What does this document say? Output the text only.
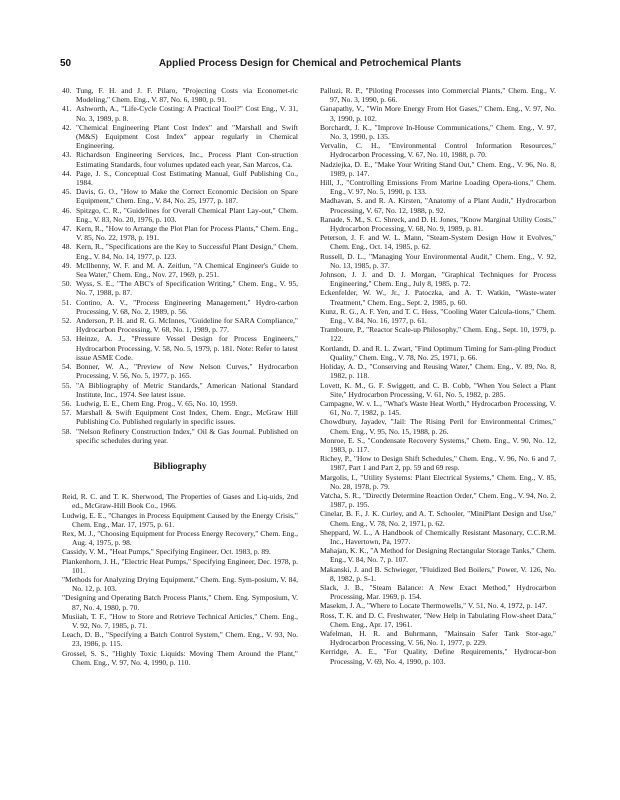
50	Applied Process Design for Chemical and Petrochemical Plants

40. Tung, F. H. and J. F. Pilaro, "Projecting Costs via Economet-ric Modeling," Chem. Eng., V. 87, No. 6, 1980, p. 91.

41. Ashworth, A., "Life-Cycle Costing: A Practical Tool?" Cost Eng., V. 31, No. 3, 1989, p. 8.

42. "Chemical Engineering Plant Cost Index" and "Marshall and Swift (M&S) Equipment Cost Index" appear regularly in Chemical Engineering.

43. Richardson Engineering Services, Inc., Process Plant Con-struction Estimating Standards, four volumes updated each year, San Marcos, Ca.

44. Page, J. S., Conceptual Cost Estimating Manual, Gulf Publishing Co., 1984.

45. Davis, G. O., "How to Make the Correct Economic Decision on Spare Equipment," Chem. Eng., V. 84, No. 25, 1977, p. 187.

46. Spitzgo, C. R., "Guidelines for Overall Chemical Plant Lay-out," Chem. Eng., V. 83, No. 20, 1976, p. 103.

47. Kern, R., "How to Arrange the Plot Plan for Process Plants," Chem. Eng., V. 85, No. 22, 1978, p. 191.

48. Kern, R., "Specifications are the Key to Successful Plant Design," Chem. Eng., V. 84, No. 14, 1977, p. 123.

49. McIlhenny, W. F. and M. A. Zeitlun, "A Chemical Engineer's Guide to Sea Water," Chem. Eng., Nov. 27, 1969, p. 251.

50. Wyss, S. E., "The ABC's of Specification Writing," Chem. Eng., V. 95, No. 7, 1988, p. 87.

51. Contino, A. V., "Process Engineering Management," Hydro-carbon Processing, V. 68, No. 2, 1989, p. 56.

52. Anderson, P. H. and R. G. McInnes, "Guideline for SARA Compliance," Hydrocarbon Processing, V. 68, No. 1, 1989, p. 77.

53. Heinze, A. J., "Pressure Vessel Design for Process Engineers," Hydrocarbon Processing, V. 58, No. 5, 1979, p. 181. Note: Refer to latest issue ASME Code.

54. Bonner, W. A., "Preview of New Nelson Curves," Hydrocarbon Processing, V. 56, No. 5, 1977, p. 165.

55. "A Bibliography of Metric Standards," American National Standard Institute, Inc., 1974. See latest issue.

56. Ludwig, E. E., Chem Eng. Prog., V. 65, No. 10, 1959.

57. Marshall & Swift Equipment Cost Index, Chem. Engr., McGraw Hill Publishing Co. Published regularly in specific issues.

58. "Nelson Refinery Construction Index," Oil & Gas Journal. Published on specific schedules during year.

Bibliography

Reid, R. C. and T. K. Sherwood, The Properties of Gases and Liq-uids, 2nd ed., McGraw-Hill Book Co., 1966.

Ludwig, E. E., "Changes in Process Equipment Caused by the Energy Crisis," Chem. Eng., Mar. 17, 1975, p. 61.

Rex, M. J., "Choosing Equipment for Process Energy Recovery," Chem. Eng., Aug. 4, 1975, p. 98.

Cassidy, V. M., "Heat Pumps," Specifying Engineer, Oct. 1983, p. 89.

Plankenhorn, J. H., "Electric Heat Pumps," Specifying Engineer, Dec. 1978, p. 101.

"Methods for Analyzing Drying Equipment," Chem. Eng. Sym-posium, V. 84, No. 12, p. 103.

"Designing and Operating Batch Process Plants," Chem. Eng. Symposium, V. 87, No. 4, 1980, p. 70.

Musiiah, T. F., "How to Store and Retrieve Technical Articles," Chem. Eng., V. 92, No. 7, 1985, p. 71.

Leach, D. B., "Specifying a Batch Control System," Chem. Eng., V. 93, No. 23, 1986, p. 115.

Grossel, S. S., "Highly Toxic Liquids: Moving Them Around the Plant," Chem. Eng., V. 97, No. 4, 1990, p. 110.

Palluzi, R. P., "Piloting Processes into Commercial Plants," Chem. Eng., V. 97, No. 3, 1990, p. 66.

Ganapathy, V., "Win More Energy From Hot Gases," Chem. Eng., V. 97, No. 3, 1990, p. 102.

Borchardt, J. K., "Improve In-House Communications," Chem. Eng., V. 97, No. 3, 1990, p. 135.

Vervalin, C. H., "Environmental Control Information Resources," Hydrocarbon Processing, V. 67, No. 10, 1988, p. 70.

Nadziejka, D. E., "Make Your Writing Stand Out," Chem. Eng., V. 96, No. 8, 1989, p. 147.

Hill, J., "Controlling Emissions From Marine Loading Opera-tions," Chem. Eng., V. 97, No. 5, 1990, p. 133.

Madhavan, S. and R. A. Kirsten, "Anatomy of a Plant Audit," Hydrocarbon Processing, V. 67, No. 12, 1988, p. 92.

Ranade, S. M., S. C. Shreck, and D. H. Jones, "Know Marginal Utility Costs," Hydrocarbon Processing, V. 68, No. 9, 1989, p. 81.

Peterson, J. F. and W. L. Mann, "Steam-System Design How it Evolves," Chem. Eng., Oct. 14, 1985, p. 62.

Russell, D. L., "Managing Your Environmental Audit," Chem. Eng., V. 92, No. 13, 1985, p. 37.

Johnson, J. J. and D. J. Morgan, "Graphical Techniques for Process Engineering," Chem. Eng., July 8, 1985, p. 72.

Eckenfelder, W. W., Jr., J. Patoczka, and A. T. Watkin, "Waste-water Treatment," Chem. Eng., Sept. 2, 1985, p. 60.

Kunz, R. G., A. F. Yen, and T. C. Hess, "Cooling Water Calcula-tions," Chem. Eng., V. 84, No. 16, 1977, p. 61.

Tramboure, P., "Reactor Scale-up Philosophy," Chem. Eng., Sept. 10, 1979, p. 122.

Kortlandt, D. and R. L. Zwart, "Find Optimum Timing for Sam-pling Product Quality," Chem. Eng., V. 78, No. 25, 1971, p. 66.

Holiday, A. D., "Conserving and Reusing Water," Chem. Eng., V. 89, No. 8, 1982, p. 118.

Lovett, K. M., G. F. Swiggett, and C. B. Cobb, "When You Select a Plant Site," Hydrocarbon Processing, V. 61, No. 5, 1982, p. 285.

Campagne, W. v. L., "What's Waste Heat Worth," Hydrocarbon Processing, V. 61, No. 7, 1982, p. 145.

Chowdbury, Jayadev, "Jail: The Rising Peril for Environmental Crimes," Chem. Eng., V. 95, No. 15, 1988, p. 26.

Monroe, E. S., "Condensate Recovery Systems," Chem. Eng., V. 90, No. 12, 1983, p. 117.

Richey, P., "How to Design Shift Schedules," Chem. Eng., V. 96, No. 6 and 7, 1987, Part 1 and Part 2, pp. 59 and 69 resp.

Margolis, I., "Utility Systems: Plant Electrical Systems," Chem. Eng., V. 85, No. 28, 1978, p. 79.

Vatcha, S. R., "Directly Determine Reaction Order," Chem. Eng., V. 94, No. 2, 1987, p. 195.

Cinelar, B. F., J. K. Curley, and A. T. Schooler, "MiniPlant Design and Use," Chem. Eng., V. 78, No. 2, 1971, p. 62.

Sheppard, W. L., A Handbook of Chemically Resistant Masonary, C.C.R.M. Inc., Havertown, Pa, 1977.

Mahajan, K. K., "A Method for Designing Rectangular Storage Tanks," Chem. Eng., V. 84, No. 7, p. 107.

Makanski, J. and B. Schwieger, "Fluidized Bed Boilers," Power, V. 126, No. 8, 1982, p. S-1.

Slack, J. B., "Steam Balance: A New Exact Method," Hydrocarbon Processing, Mar. 1969, p. 154.

Masekm, J. A., "Where to Locate Thermowells," V. 51, No. 4, 1972, p. 147.

Ross, T. K. and D. C. Freshwater, "New Help in Tabulating Flow-sheet Data," Chem. Eng., Apr. 17, 1961.

Wafelman, H. R. and Buhrmann, "Mainsain Safer Tank Stor-age," Hydrocarbon Processing, V. 56, No. 1, 1977, p. 229.

Kerridge, A. E., "For Quality, Define Requirements," Hydrocar-bon Processing, V. 69, No. 4, 1990, p. 103.
